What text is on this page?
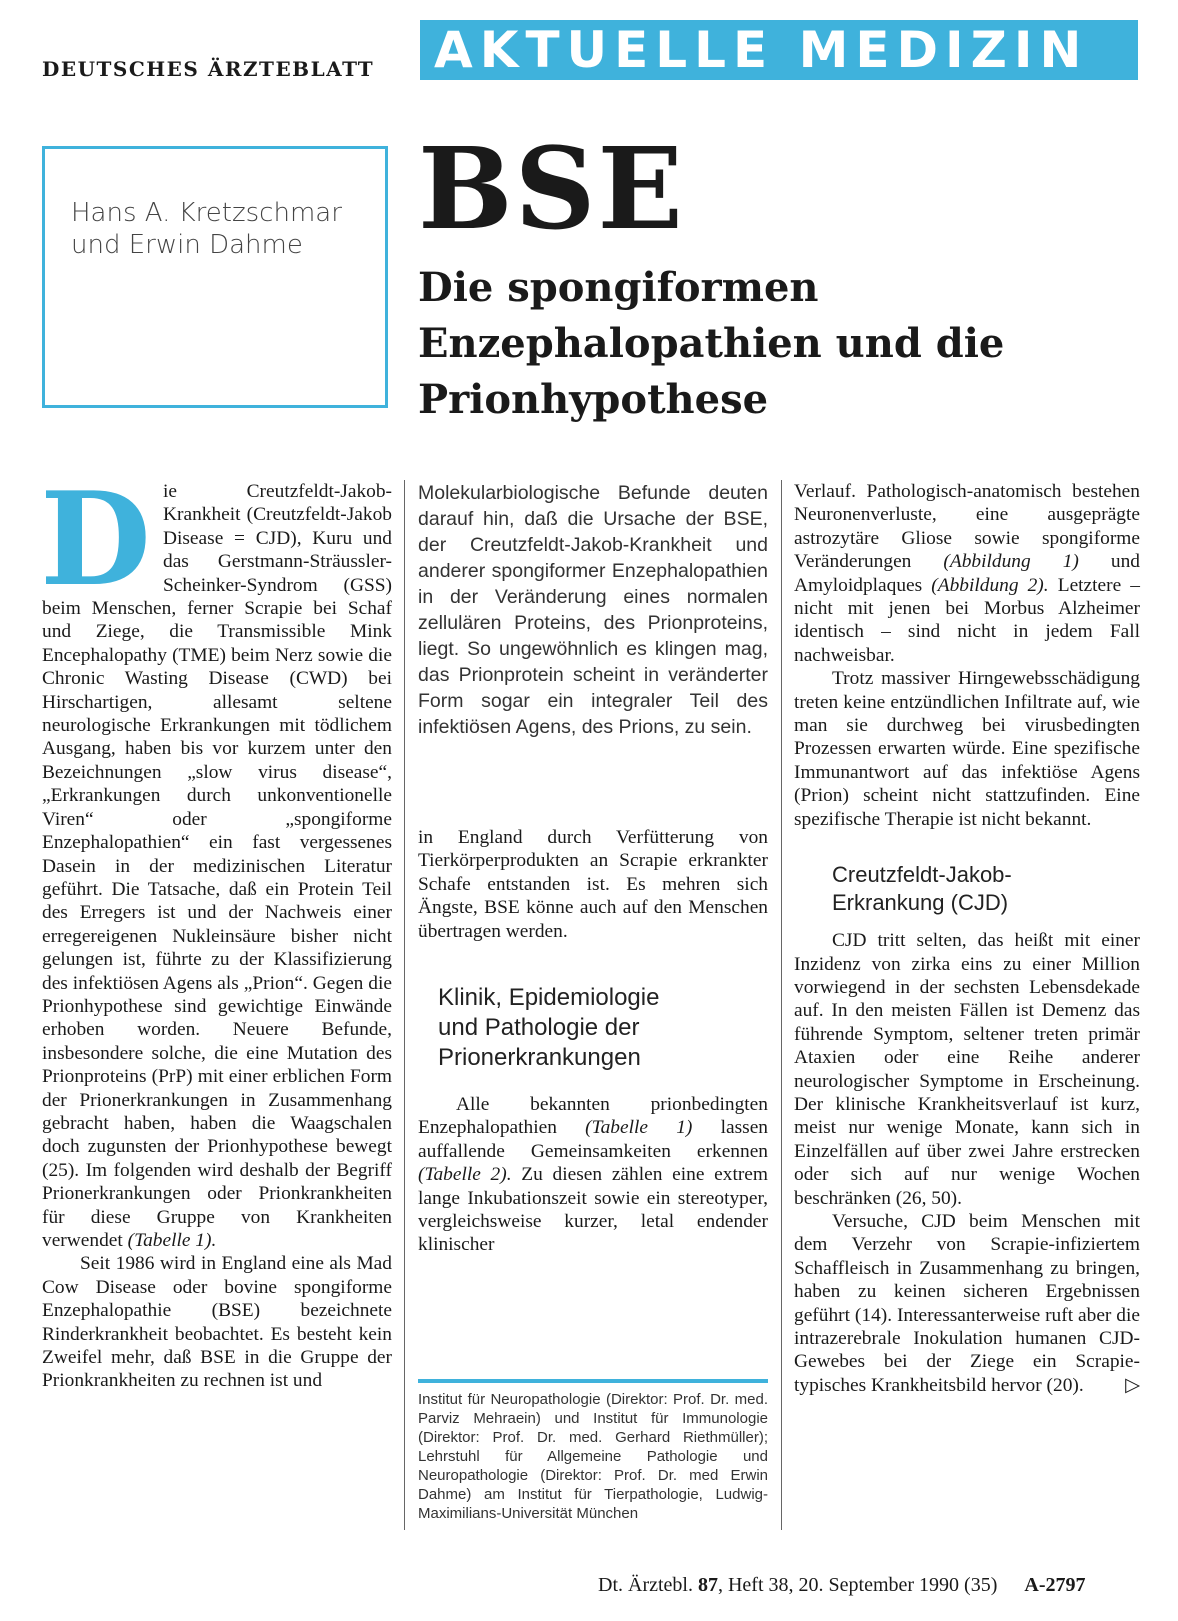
DEUTSCHES ÄRZTEBLATT AKTUELLE MEDIZIN
Hans A. Kretzschmar
und Erwin Dahme BSE
Die spongiformen
Enzephalopathien und die
Prionhypothese
D ie Creutzfeldt-Jakob-Krankheit (Creutzfeldt-Jakob Disease = CJD), Kuru und das Gerstmann-Sträussler-Scheinker-Syndrom (GSS) beim Menschen, ferner Scrapie bei Schaf und Ziege, die Transmissible Mink Encephalopathy (TME) beim Nerz sowie die Chronic Wasting Disease (CWD) bei Hirschartigen, allesamt seltene neurologische Erkrankungen mit tödlichem Ausgang, haben bis vor kurzem unter den Bezeichnungen „slow virus disease“, „Erkrankungen durch unkonventionelle Viren“ oder „spongiforme Enzephalopathien“ ein fast vergessenes Dasein in der medizinischen Literatur geführt. Die Tatsache, daß ein Protein Teil des Erregers ist und der Nachweis einer erregereigenen Nukleinsäure bisher nicht gelungen ist, führte zu der Klassifizierung des infektiösen Agens als „Prion“. Gegen die Prionhypothese sind gewichtige Einwände erhoben worden. Neuere Befunde, insbesondere solche, die eine Mutation des Prionproteins (PrP) mit einer erblichen Form der Prionerkrankungen in Zusammenhang gebracht haben, haben die Waagschalen doch zugunsten der Prionhypothese bewegt (25). Im folgenden wird deshalb der Begriff Prionerkrankungen oder Prionkrankheiten für diese Gruppe von Krankheiten verwendet (Tabelle 1).

Seit 1986 wird in England eine als Mad Cow Disease oder bovine spongiforme Enzephalopathie (BSE) bezeichnete Rinderkrankheit beobachtet. Es besteht kein Zweifel mehr, daß BSE in die Gruppe der Prionkrankheiten zu rechnen ist und

Molekularbiologische Befunde deuten darauf hin, daß die Ursache der BSE, der Creutzfeldt-Jakob-Krankheit und anderer spongiformer Enzephalopathien in der Veränderung eines normalen zellulären Proteins, des Prionproteins, liegt. So ungewöhnlich es klingen mag, das Prionprotein scheint in veränderter Form sogar ein integraler Teil des infektiösen Agens, des Prions, zu sein.

in England durch Verfütterung von Tierkörperprodukten an Scrapie erkrankter Schafe entstanden ist. Es mehren sich Ängste, BSE könne auch auf den Menschen übertragen werden.

Klinik, Epidemiologie
und Pathologie der
Prionerkrankungen

Alle bekannten prionbedingten Enzephalopathien (Tabelle 1) lassen auffallende Gemeinsamkeiten erkennen (Tabelle 2). Zu diesen zählen eine extrem lange Inkubationszeit sowie ein stereotyper, vergleichsweise kurzer, letal endender klinischer

Institut für Neuropathologie (Direktor: Prof. Dr. med. Parviz Mehraein) und Institut für Immunologie (Direktor: Prof. Dr. med. Gerhard Riethmüller); Lehrstuhl für Allgemeine Pathologie und Neuropathologie (Direktor: Prof. Dr. med Erwin Dahme) am Institut für Tierpathologie, Ludwig-Maximilians-Universität München

Verlauf. Pathologisch-anatomisch bestehen Neuronenverluste, eine ausgeprägte astrozytäre Gliose sowie spongiforme Veränderungen (Abbildung 1) und Amyloidplaques (Abbildung 2). Letztere – nicht mit jenen bei Morbus Alzheimer identisch – sind nicht in jedem Fall nachweisbar.

Trotz massiver Hirngewebsschädigung treten keine entzündlichen Infiltrate auf, wie man sie durchweg bei virusbedingten Prozessen erwarten würde. Eine spezifische Immunantwort auf das infektiöse Agens (Prion) scheint nicht stattzufinden. Eine spezifische Therapie ist nicht bekannt.

Creutzfeldt-Jakob-
Erkrankung (CJD)

CJD tritt selten, das heißt mit einer Inzidenz von zirka eins zu einer Million vorwiegend in der sechsten Lebensdekade auf. In den meisten Fällen ist Demenz das führende Symptom, seltener treten primär Ataxien oder eine Reihe anderer neurologischer Symptome in Erscheinung. Der klinische Krankheitsverlauf ist kurz, meist nur wenige Monate, kann sich in Einzelfällen auf über zwei Jahre erstrecken oder sich auf nur wenige Wochen beschränken (26, 50).

Versuche, CJD beim Menschen mit dem Verzehr von Scrapie-infiziertem Schaffleisch in Zusammenhang zu bringen, haben zu keinen sicheren Ergebnissen geführt (14). Interessanterweise ruft aber die intrazerebrale Inokulation humanen CJD-Gewebes bei der Ziege ein Scrapie-typisches Krankheitsbild hervor (20).	▷

Dt. Ärztebl. 87, Heft 38, 20. September 1990 (35) A-2797
